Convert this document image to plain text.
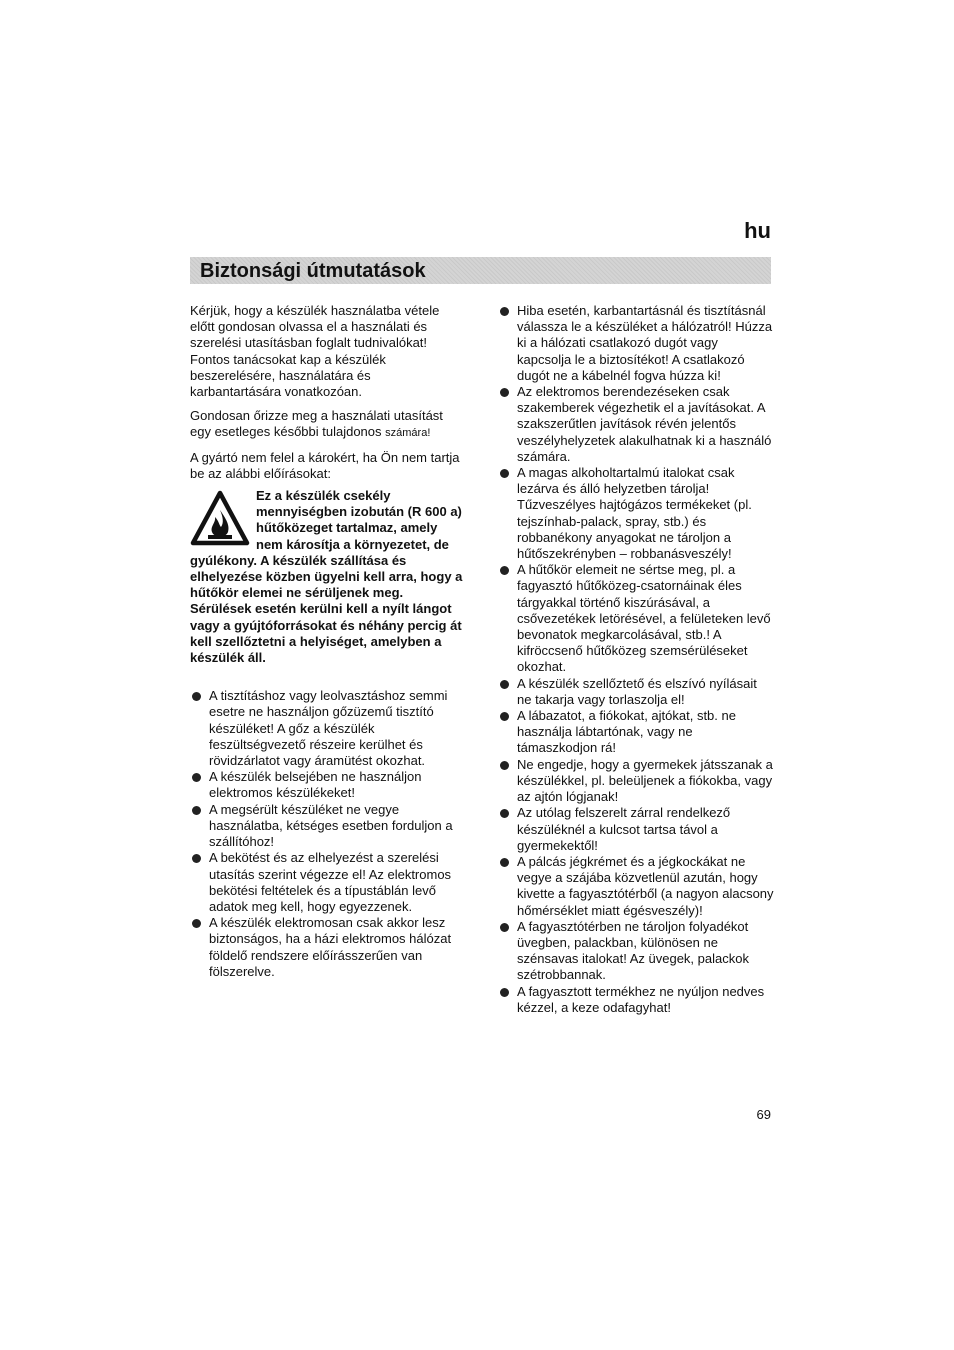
hu
Biztonsági útmutatások

Kérjük, hogy a készülék használatba vétele előtt gondosan olvassa el a használati és szerelési utasításban foglalt tudnivalókat! Fontos tanácsokat kap a készülék beszerelésére, használatára és karbantartására vonatkozóan.

Gondosan őrizze meg a használati utasítást egy esetleges későbbi tulajdonos számára!

A gyártó nem felel a károkért, ha Ön nem tartja be az alábbi előírásokat:

Ez a készülék csekély mennyiségben izobután (R 600 a) hűtőközeget tartalmaz, amely nem károsítja a környezetet, de gyúlékony. A készülék szállítása és elhelyezése közben ügyelni kell arra, hogy a hűtőkör elemei ne sérüljenek meg. Sérülések esetén kerülni kell a nyílt lángot vagy a gyújtóforrásokat és néhány percig át kell szellőztetni a helyiséget, amelyben a készülék áll.
A tisztításhoz vagy leolvasztáshoz semmi esetre ne használjon gőzüzemű tisztító készüléket! A gőz a készülék feszültségvezető részeire kerülhet és rövidzárlatot vagy áramütést okozhat.
A készülék belsejében ne használjon elektromos készülékeket!
A megsérült készüléket ne vegye használatba, kétséges esetben forduljon a szállítóhoz!
A bekötést és az elhelyezést a szerelési utasítás szerint végezze el! Az elektromos bekötési feltételek és a típustáblán levő adatok meg kell, hogy egyezzenek.
A készülék elektromosan csak akkor lesz biztonságos, ha a házi elektromos hálózat földelő rendszere előírásszerűen van fölszerelve.
Hiba esetén, karbantartásnál és tisztításnál válassza le a készüléket a hálózatról! Húzza ki a hálózati csatlakozó dugót vagy kapcsolja le a biztosítékot! A csatlakozó dugót ne a kábelnél fogva húzza ki!
Az elektromos berendezéseken csak szakemberek végezhetik el a javításokat. A szakszerűtlen javítások révén jelentős veszélyhelyzetek alakulhatnak ki a használó számára.
A magas alkoholtartalmú italokat csak lezárva és álló helyzetben tárolja! Tűzveszélyes hajtógázos termékeket (pl. tejszínhab-palack, spray, stb.) és robbanékony anyagokat ne tároljon a hűtőszekrényben – robbanásveszély!
A hűtőkör elemeit ne sértse meg, pl. a fagyasztó hűtőközeg-csatornáinak éles tárgyakkal történő kiszúrásával, a csővezetékek letörésével, a felületeken levő bevonatok megkarcolásával, stb.! A kifröccsenő hűtőközeg szemsérüléseket okozhat.
A készülék szellőztető és elszívó nyílásait ne takarja vagy torlaszolja el!
A lábazatot, a fiókokat, ajtókat, stb. ne használja lábtartónak, vagy ne támaszkodjon rá!
Ne engedje, hogy a gyermekek játsszanak a készülékkel, pl. beleüljenek a fiókokba, vagy az ajtón lógjanak!
Az utólag felszerelt zárral rendelkező készüléknél a kulcsot tartsa távol a gyermekektől!
A pálcás jégkrémet és a jégkockákat ne vegye a szájába közvetlenül azután, hogy kivette a fagyasztótérből (a nagyon alacsony hőmérséklet miatt égésveszély)!
A fagyasztótérben ne tároljon folyadékot üvegben, palackban, különösen ne szénsavas italokat! Az üvegek, palackok szétrobbannak.
A fagyasztott termékhez ne nyúljon nedves kézzel, a keze odafagyhat!
69
